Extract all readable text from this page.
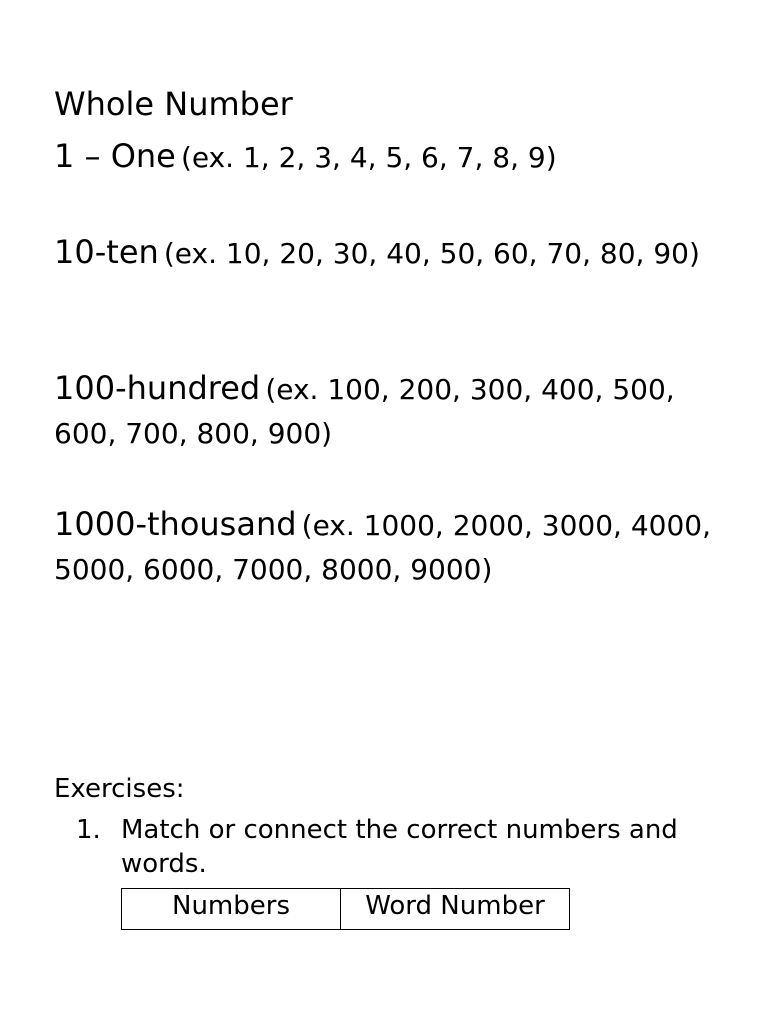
Whole Number
1 – One (ex. 1, 2, 3, 4, 5, 6, 7, 8, 9)
10-ten (ex. 10, 20, 30, 40, 50, 60, 70, 80, 90)
100-hundred (ex. 100, 200, 300, 400, 500, 600, 700, 800, 900)
1000-thousand (ex. 1000, 2000, 3000, 4000, 5000, 6000, 7000, 8000, 9000)
Exercises:
1. Match or connect the correct numbers and words.
Numbers	Word Number
